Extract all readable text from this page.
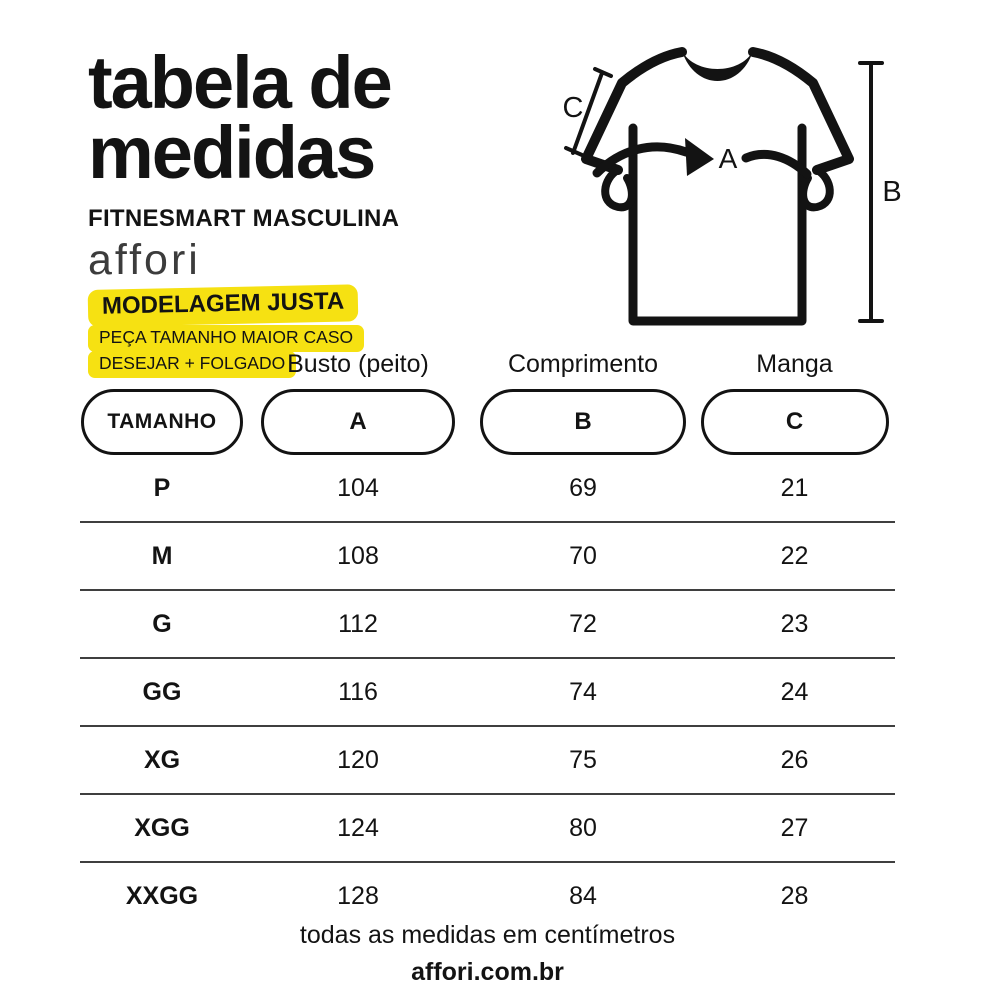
tabela de
medidas
FITNESMART MASCULINA
affori
MODELAGEM JUSTA
PEÇA TAMANHO MAIOR CASO
DESEJAR + FOLGADO
A
C
B
Busto (peito)	Comprimento	Manga
TAMANHO	A	B	C
P	104	69	21
M	108	70	22
G	112	72	23
GG	116	74	24
XG	120	75	26
XGG	124	80	27
XXGG	128	84	28
todas as medidas em centímetros
affori.com.br
